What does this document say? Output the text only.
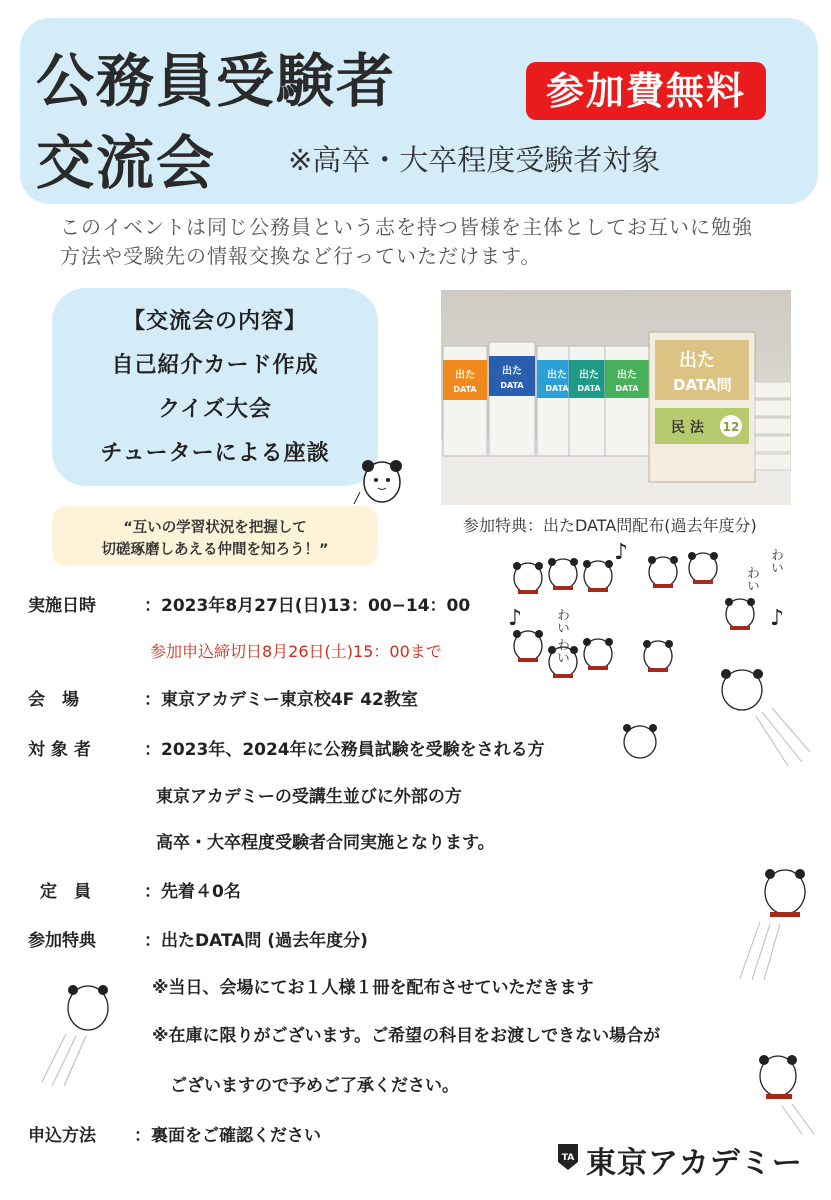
公務員受験者
交流会
参加費無料
※高卒・大卒程度受験者対象
このイベントは同じ公務員という志を持つ皆様を主体としてお互いに勉強
方法や受験先の情報交換など行っていただけます。
【交流会の内容】
自己紹介カード作成
クイズ大会
チューターによる座談
出た
DATA
出た
DATA
出た
DATA
出た
DATA
出た
DATA
出た
DATA問
民 法 12
参加特典：出たDATA問配布(過去年度分)
“互いの学習状況を把握して
切磋琢磨しあえる仲間を知ろう！”
実施日時	：2023年8月27日(日)13：00−14：00
参加申込締切日8月26日(土)15：00まで
会　場	：東京アカデミー東京校4F 42教室
対 象 者	：2023年、2024年に公務員試験を受験をされる方
東京アカデミーの受講生並びに外部の方
高卒・大卒程度受験者合同実施となります。
定　員	：先着４0名
参加特典	：出たDATA問 (過去年度分)
※当日、会場にてお１人様１冊を配布させていただきます
※在庫に限りがございます。ご希望の科目をお渡しできない場合が
ございますので予めご了承ください。
申込方法 ：裏面をご確認ください
♪
♪	♪
わい
わい
わい わい
TA 東京アカデミー
